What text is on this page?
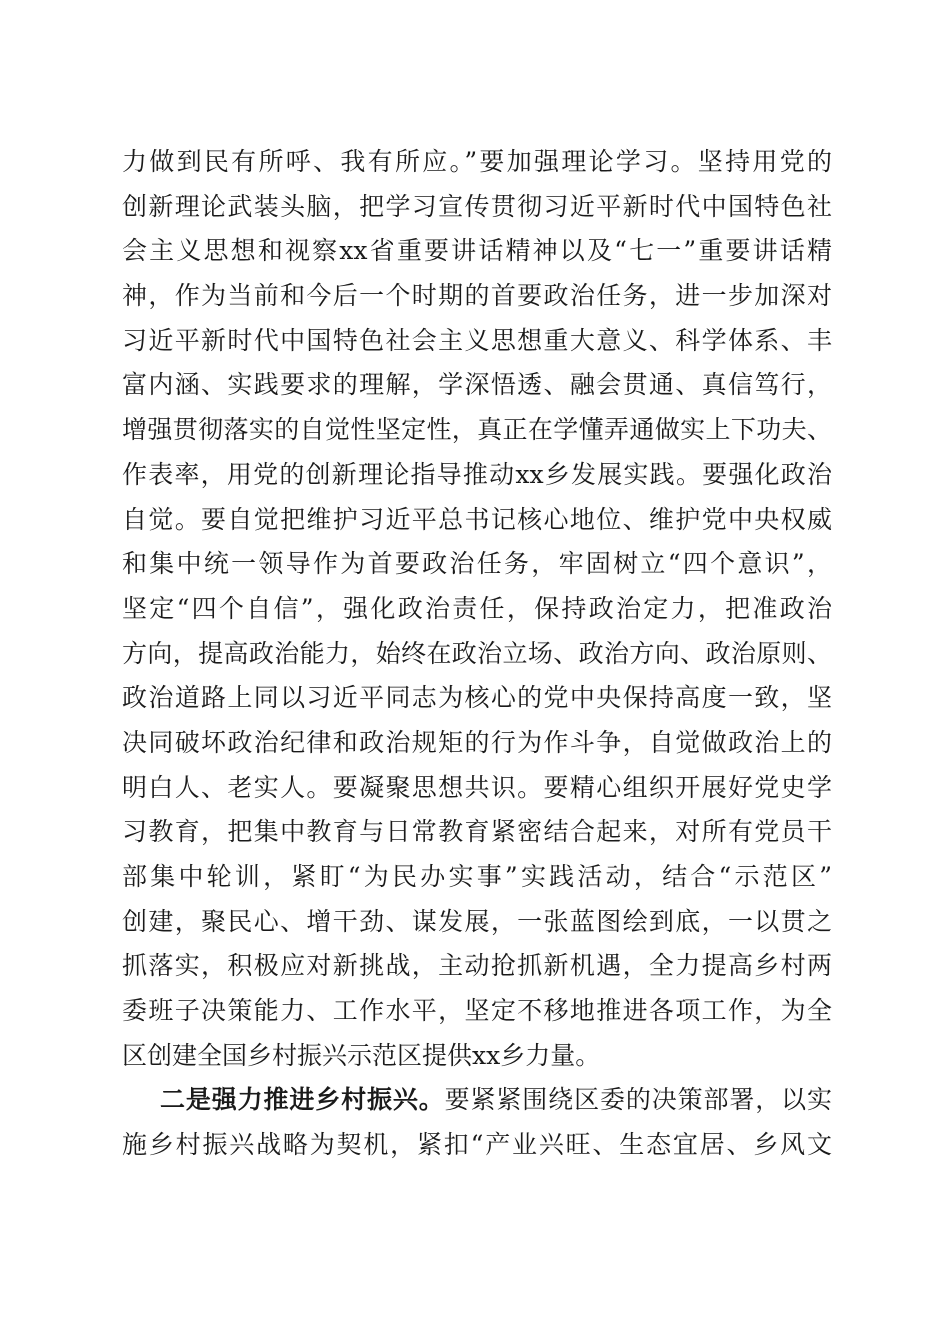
力做到民有所呼、我有所应。”要加强理论学习。坚持用党的
创新理论武装头脑，把学习宣传贯彻习近平新时代中国特色社
会主义思想和视察xx省重要讲话精神以及“七一”重要讲话精
神，作为当前和今后一个时期的首要政治任务，进一步加深对
习近平新时代中国特色社会主义思想重大意义、科学体系、丰
富内涵、实践要求的理解，学深悟透、融会贯通、真信笃行，
增强贯彻落实的自觉性坚定性，真正在学懂弄通做实上下功夫、
作表率，用党的创新理论指导推动xx乡发展实践。要强化政治
自觉。要自觉把维护习近平总书记核心地位、维护党中央权威
和集中统一领导作为首要政治任务，牢固树立“四个意识”，
坚定“四个自信”，强化政治责任，保持政治定力，把准政治
方向，提高政治能力，始终在政治立场、政治方向、政治原则、
政治道路上同以习近平同志为核心的党中央保持高度一致，坚
决同破坏政治纪律和政治规矩的行为作斗争，自觉做政治上的
明白人、老实人。要凝聚思想共识。要精心组织开展好党史学
习教育，把集中教育与日常教育紧密结合起来，对所有党员干
部集中轮训，紧盯“为民办实事”实践活动，结合“示范区”
创建，聚民心、增干劲、谋发展，一张蓝图绘到底，一以贯之
抓落实，积极应对新挑战，主动抢抓新机遇，全力提高乡村两
委班子决策能力、工作水平，坚定不移地推进各项工作，为全
区创建全国乡村振兴示范区提供xx乡力量。
二是强力推进乡村振兴。要紧紧围绕区委的决策部署，以实
施乡村振兴战略为契机，紧扣“产业兴旺、生态宜居、乡风文
